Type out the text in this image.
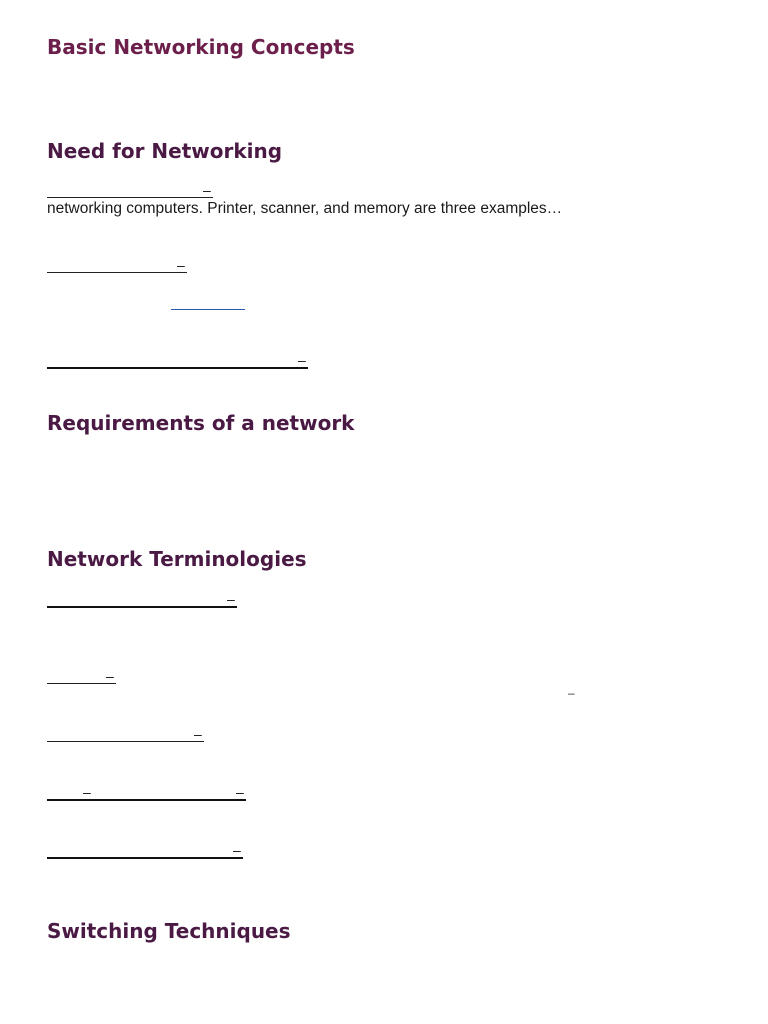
Basic Networking Concepts
Need for Networking
–

networking computers. Printer, scanner, and memory are three examples…

–
–
Requirements of a network
Network Terminologies
–
–
–
–
–	–
–
Switching Techniques
